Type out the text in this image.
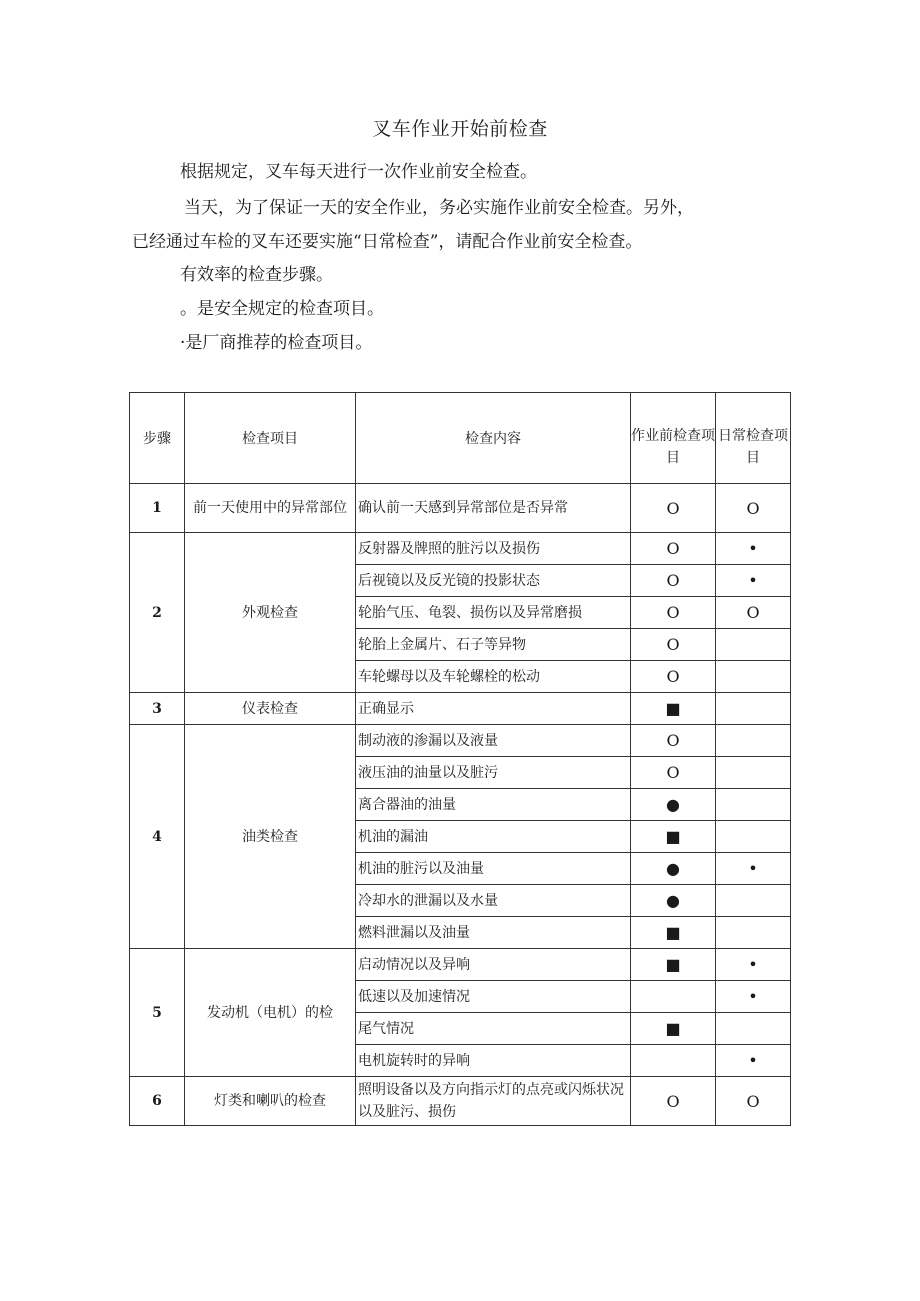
叉车作业开始前检查

根据规定，叉车每天进行一次作业前安全检查。

当天，为了保证一天的安全作业，务必实施作业前安全检查。另外，
已经通过车检的叉车还要实施“日常检查”，请配合作业前安全检查。

有效率的检查步骤。

。是安全规定的检查项目。

·是厂商推荐的检查项目。

步骤	检查项目	检查内容	作业前检查项目	日常检查项目
1	前一天使用中的异常部位	确认前一天感到异常部位是否异常	O	O
2	外观检查	反射器及牌照的脏污以及损伤	O	•
		后视镜以及反光镜的投影状态	O	•
		轮胎气压、龟裂、损伤以及异常磨损	O	O
		轮胎上金属片、石子等异物	O	
		车轮螺母以及车轮螺栓的松动	O	
3	仪表检查	正确显示	■	
4	油类检查	制动液的渗漏以及液量	O	
		液压油的油量以及脏污	O	
		离合器油的油量	●	
		机油的漏油	■	
		机油的脏污以及油量	●	•
		冷却水的泄漏以及水量	●	
		燃料泄漏以及油量	■	
5	发动机（电机）的检	启动情况以及异响	■	•
		低速以及加速情况		•
		尾气情况	■	
		电机旋转时的异响		•
6	灯类和喇叭的检查	照明设备以及方向指示灯的点亮或闪烁状况以及脏污、损伤	O	O
